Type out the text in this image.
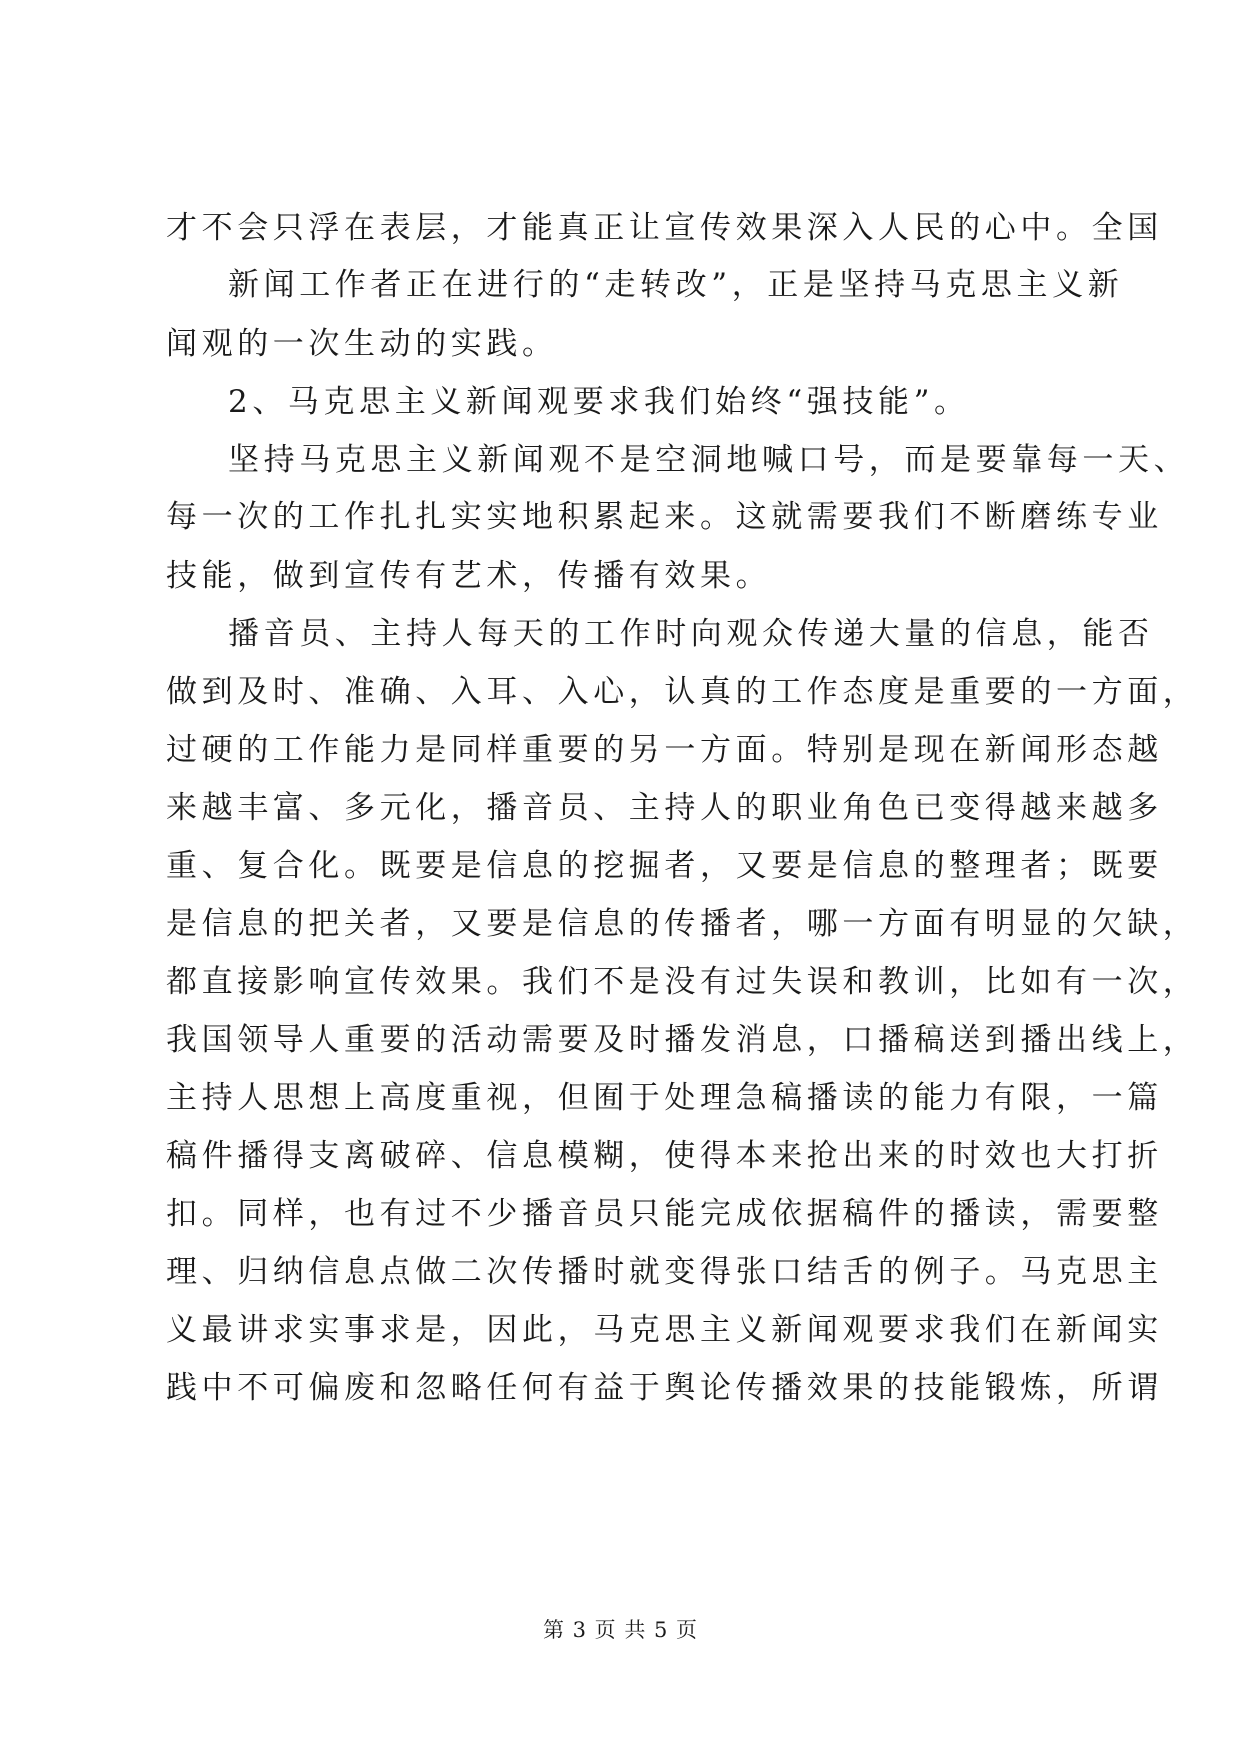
才不会只浮在表层，才能真正让宣传效果深入人民的心中。全国
新闻工作者正在进行的“走转改”，正是坚持马克思主义新
闻观的一次生动的实践。
2、马克思主义新闻观要求我们始终“强技能”。
坚持马克思主义新闻观不是空洞地喊口号，而是要靠每一天、
每一次的工作扎扎实实地积累起来。这就需要我们不断磨练专业
技能，做到宣传有艺术，传播有效果。
播音员、主持人每天的工作时向观众传递大量的信息，能否
做到及时、准确、入耳、入心，认真的工作态度是重要的一方面，
过硬的工作能力是同样重要的另一方面。特别是现在新闻形态越
来越丰富、多元化，播音员、主持人的职业角色已变得越来越多
重、复合化。既要是信息的挖掘者，又要是信息的整理者；既要
是信息的把关者，又要是信息的传播者，哪一方面有明显的欠缺，
都直接影响宣传效果。我们不是没有过失误和教训，比如有一次，
我国领导人重要的活动需要及时播发消息，口播稿送到播出线上，
主持人思想上高度重视，但囿于处理急稿播读的能力有限，一篇
稿件播得支离破碎、信息模糊，使得本来抢出来的时效也大打折
扣。同样，也有过不少播音员只能完成依据稿件的播读，需要整
理、归纳信息点做二次传播时就变得张口结舌的例子。马克思主
义最讲求实事求是，因此，马克思主义新闻观要求我们在新闻实
践中不可偏废和忽略任何有益于舆论传播效果的技能锻炼，所谓
第 3 页 共 5 页
